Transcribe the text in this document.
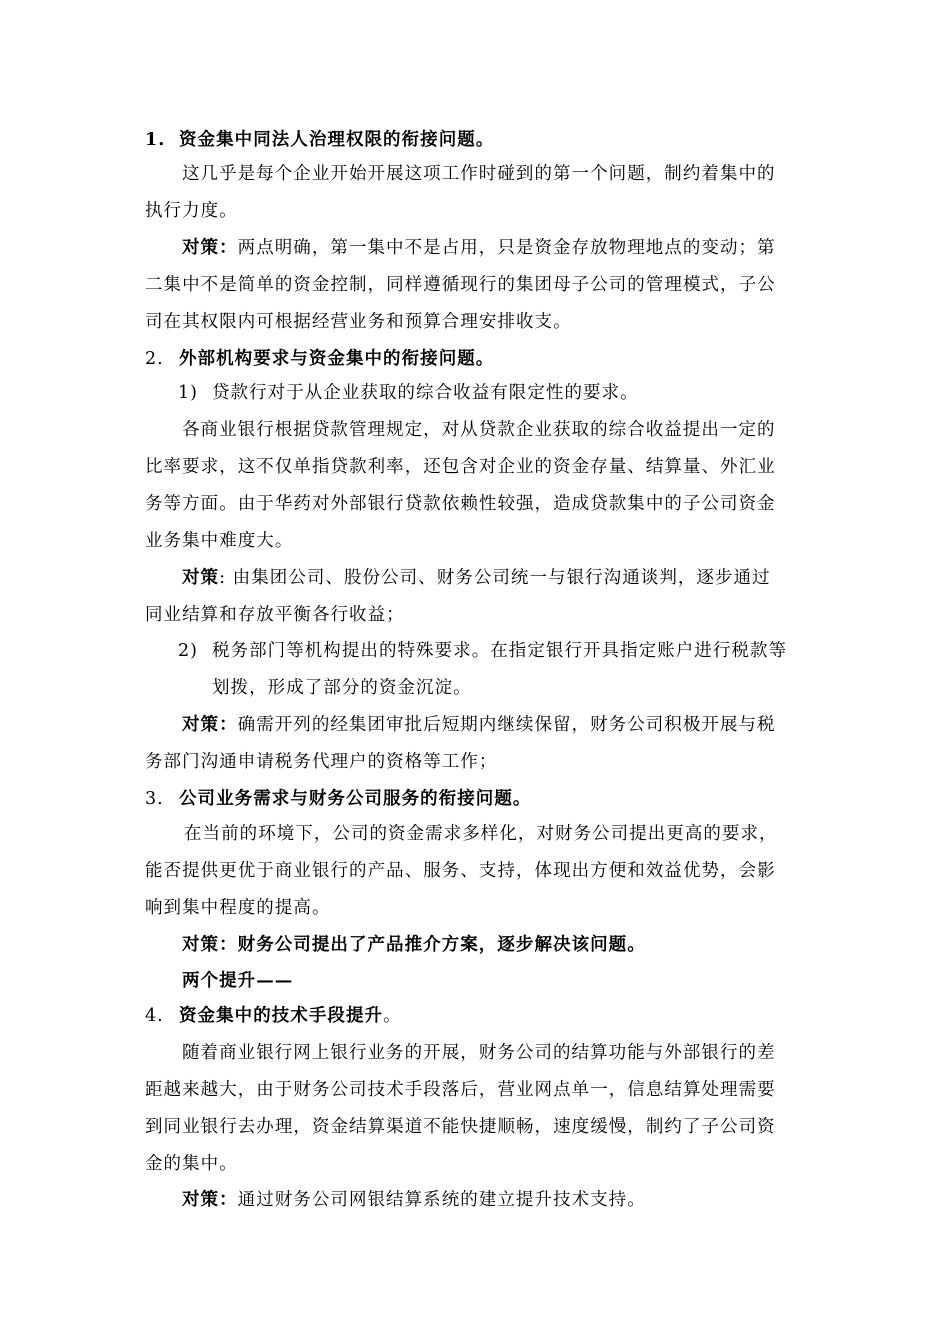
1. 资金集中同法人治理权限的衔接问题。
这几乎是每个企业开始开展这项工作时碰到的第一个问题，制约着集中的
执行力度。
对策：两点明确，第一集中不是占用，只是资金存放物理地点的变动；第
二集中不是简单的资金控制，同样遵循现行的集团母子公司的管理模式，子公
司在其权限内可根据经营业务和预算合理安排收支。
2. 外部机构要求与资金集中的衔接问题。
1) 贷款行对于从企业获取的综合收益有限定性的要求。
各商业银行根据贷款管理规定，对从贷款企业获取的综合收益提出一定的
比率要求，这不仅单指贷款利率，还包含对企业的资金存量、结算量、外汇业
务等方面。由于华药对外部银行贷款依赖性较强，造成贷款集中的子公司资金
业务集中难度大。
对策: 由集团公司、股份公司、财务公司统一与银行沟通谈判，逐步通过
同业结算和存放平衡各行收益；
2) 税务部门等机构提出的特殊要求。在指定银行开具指定账户进行税款等
划拨，形成了部分的资金沉淀。
对策：确需开列的经集团审批后短期内继续保留，财务公司积极开展与税
务部门沟通申请税务代理户的资格等工作；
3. 公司业务需求与财务公司服务的衔接问题。
在当前的环境下，公司的资金需求多样化，对财务公司提出更高的要求，
能否提供更优于商业银行的产品、服务、支持，体现出方便和效益优势，会影
响到集中程度的提高。
对策：财务公司提出了产品推介方案，逐步解决该问题。
两个提升——
4. 资金集中的技术手段提升。
随着商业银行网上银行业务的开展，财务公司的结算功能与外部银行的差
距越来越大，由于财务公司技术手段落后，营业网点单一，信息结算处理需要
到同业银行去办理，资金结算渠道不能快捷顺畅，速度缓慢，制约了子公司资
金的集中。
对策：通过财务公司网银结算系统的建立提升技术支持。
